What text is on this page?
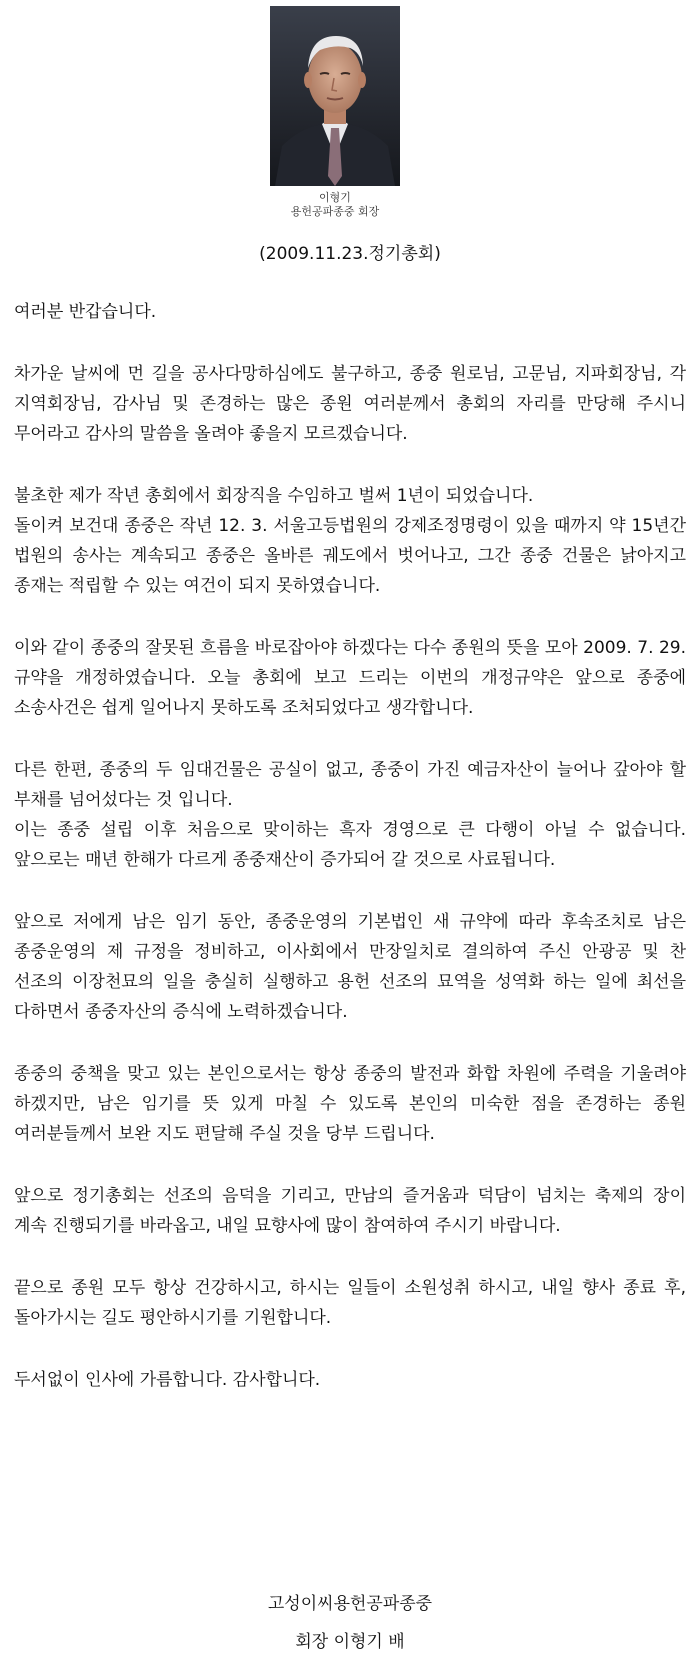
이형기
용헌공파종중 회장
(2009.11.23.정기총회)

여러분 반갑습니다.

차가운 날씨에 먼 길을 공사다망하심에도 불구하고, 종중 원로님, 고문님, 지파회장님, 각 지역회장님, 감사님 및 존경하는 많은 종원 여러분께서 총회의 자리를 만당해 주시니 무어라고 감사의 말씀을 올려야 좋을지 모르겠습니다.

불초한 제가 작년 총회에서 회장직을 수임하고 벌써 1년이 되었습니다.
돌이켜 보건대 종중은 작년 12. 3. 서울고등법원의 강제조정명령이 있을 때까지 약 15년간 법원의 송사는 계속되고 종중은 올바른 궤도에서 벗어나고, 그간 종중 건물은 낡아지고 종재는 적립할 수 있는 여건이 되지 못하였습니다.

이와 같이 종중의 잘못된 흐름을 바로잡아야 하겠다는 다수 종원의 뜻을 모아 2009. 7. 29. 규약을 개정하였습니다. 오늘 총회에 보고 드리는 이번의 개정규약은 앞으로 종중에 소송사건은 쉽게 일어나지 못하도록 조처되었다고 생각합니다.

다른 한편, 종중의 두 임대건물은 공실이 없고, 종중이 가진 예금자산이 늘어나 갚아야 할 부채를 넘어섰다는 것 입니다.
이는 종중 설립 이후 처음으로 맞이하는 흑자 경영으로 큰 다행이 아닐 수 없습니다. 앞으로는 매년 한해가 다르게 종중재산이 증가되어 갈 것으로 사료됩니다.

앞으로 저에게 남은 임기 동안, 종중운영의 기본법인 새 규약에 따라 후속조치로 남은 종중운영의 제 규정을 정비하고, 이사회에서 만장일치로 결의하여 주신 안광공 및 찬 선조의 이장천묘의 일을 충실히 실행하고 용헌 선조의 묘역을 성역화 하는 일에 최선을 다하면서 종중자산의 증식에 노력하겠습니다.

종중의 중책을 맞고 있는 본인으로서는 항상 종중의 발전과 화합 차원에 주력을 기울려야 하겠지만, 남은 임기를 뜻 있게 마칠 수 있도록 본인의 미숙한 점을 존경하는 종원 여러분들께서 보완 지도 편달해 주실 것을 당부 드립니다.

앞으로 정기총회는 선조의 음덕을 기리고, 만남의 즐거움과 덕담이 넘치는 축제의 장이 계속 진행되기를 바라옵고, 내일 묘향사에 많이 참여하여 주시기 바랍니다.

끝으로 종원 모두 항상 건강하시고, 하시는 일들이 소원성취 하시고, 내일 향사 종료 후, 돌아가시는 길도 평안하시기를 기원합니다.

두서없이 인사에 가름합니다. 감사합니다.

고성이씨용헌공파종중
회장 이형기 배
